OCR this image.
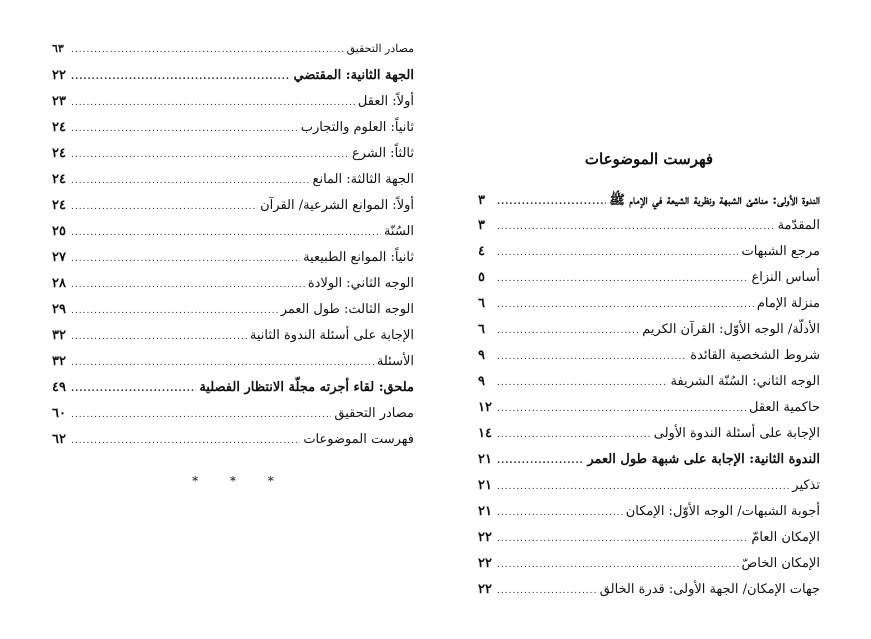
مصادر التحقيق
.....
٦٣
الجهة الثانية: المقتضي
.....
٢٢
أولاً: العقل
.....
٢٣
ثانياً: العلوم والتجارب
.....
٢٤
ثالثاً: الشرع
.....
٢٤
الجهة الثالثة: المانع
.....
٢٤
أولاً: الموانع الشرعية/ القرآن
.....
٢٤
السُنّة
.....
٢٥
ثانياً: الموانع الطبيعية
.....
٢٧
الوجه الثاني: الولادة
.....
٢٨
الوجه الثالث: طول العمر
.....
٢٩
الإجابة على أسئلة الندوة الثانية
.....
٣٢
الأسئلة
.....
٣٢
ملحق: لقاء أجرته مجلّة الانتظار الفصلية
.....
٤٩
مصادر التحقيق
.....
٦٠
فهرست الموضوعات
.....
٦٢
* * *
فهرست الموضوعات
الندوة الأولى: مناشئ الشبهة ونظرية الشيعة في الإمام ﷺ
.....
٣
المقدّمة
.....
٣
مرجع الشبهات
.....
٤
أساس النزاع
.....
٥
منزلة الإمام
.....
٦
الأدلّة/ الوجه الأوّل: القرآن الكريم
.....
٦
شروط الشخصية القائدة
.....
٩
الوجه الثاني: السُنّة الشريفة
.....
٩
حاكمية العقل
.....
١٢
الإجابة على أسئلة الندوة الأولى
.....
١٤
الندوة الثانية: الإجابة على شبهة طول العمر
.....
٢١
تذكير
.....
٢١
أجوبة الشبهات/ الوجه الأوّل: الإمكان
.....
٢١
الإمكان العامّ
.....
٢٢
الإمكان الخاصّ
.....
٢٢
جهات الإمكان/ الجهة الأولى: قدرة الخالق
.....
٢٢
